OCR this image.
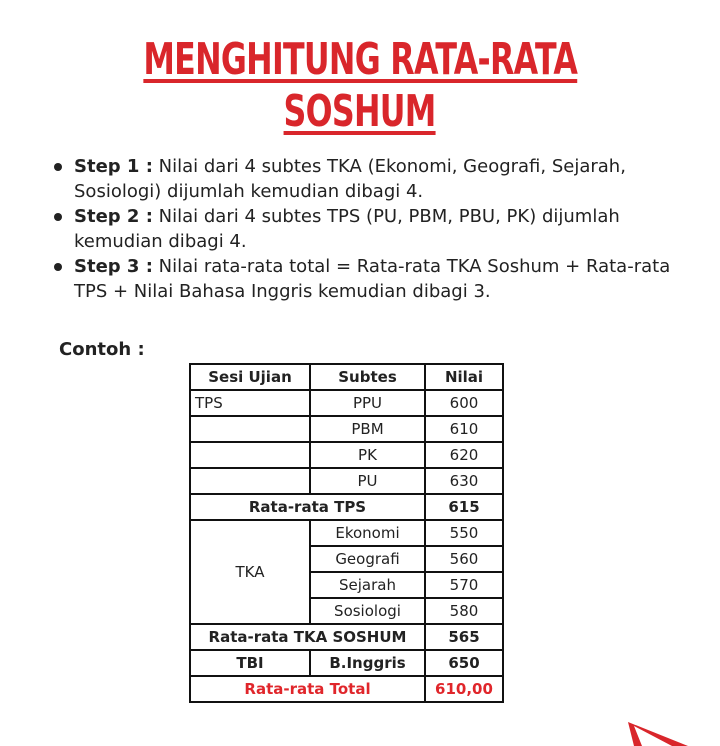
MENGHITUNG RATA-RATA
SOSHUM
Step 1 : Nilai dari 4 subtes TKA (Ekonomi, Geografi, Sejarah, Sosiologi) dijumlah kemudian dibagi 4.
Step 2 : Nilai dari 4 subtes TPS (PU, PBM, PBU, PK) dijumlah kemudian dibagi 4.
Step 3 : Nilai rata-rata total = Rata-rata TKA Soshum + Rata-rata TPS + Nilai Bahasa Inggris kemudian dibagi 3.
Contoh :
Sesi Ujian	Subtes	Nilai
TPS	PPU	600
	PBM	610
	PK	620
	PU	630
Rata-rata TPS		615
TKA	Ekonomi	550
	Geografi	560
	Sejarah	570
	Sosiologi	580
Rata-rata TKA SOSHUM		565
TBI	B.Inggris	650
Rata-rata Total		610,00
